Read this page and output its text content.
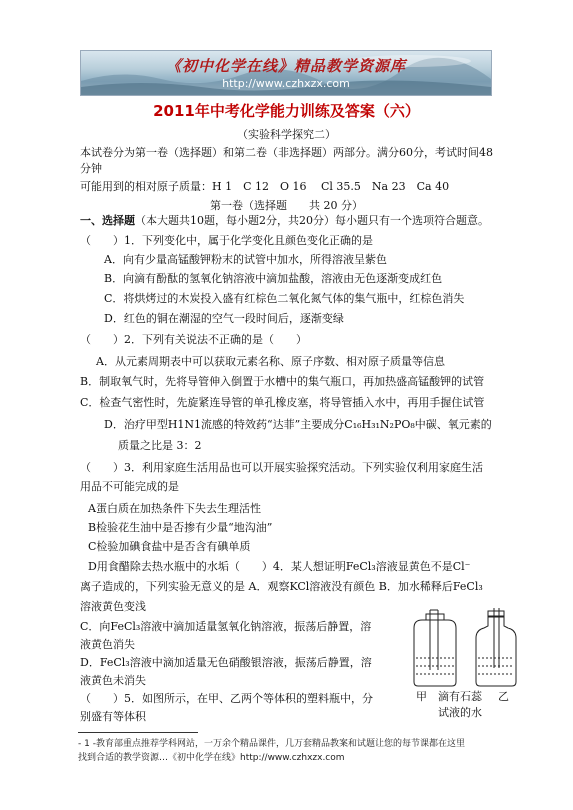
《初中化学在线》精品教学资源库
http://www.czhxzx.com
2011年中考化学能力训练及答案（六）
（实验科学探究二）
本试卷分为第一卷（选择题）和第二卷（非选择题）两部分。满分60分，考试时间48
分钟
可能用到的相对原子质量：H 1　C 12　O 16　 Cl 35.5　Na 23　Ca 40
第一卷（选择题　　共 20 分）
一、选择题（本大题共10题，每小题2分，共20分）每小题只有一个选项符合题意。
（　　）1．下列变化中，属于化学变化且颜色变化正确的是
A．向有少量高锰酸钾粉末的试管中加水，所得溶液呈紫色
B．向滴有酚酞的氢氧化钠溶液中滴加盐酸，溶液由无色逐渐变成红色
C．将烘烤过的木炭投入盛有红棕色二氧化氮气体的集气瓶中，红棕色消失
D．红色的铜在潮湿的空气一段时间后，逐渐变绿
（　　）2．下列有关说法不正确的是（　　）
A．从元素周期表中可以获取元素名称、原子序数、相对原子质量等信息
B．制取氧气时，先将导管伸入倒置于水槽中的集气瓶口，再加热盛高锰酸钾的试管
C．检查气密性时，先旋紧连导管的单孔橡皮塞，将导管插入水中，再用手握住试管
D．治疗甲型H1N1流感的特效药“达菲”主要成分C₁₆H₃₁N₂PO₈中碳、氧元素的
质量之比是 3：2
（　　）3．利用家庭生活用品也可以开展实验探究活动。下列实验仅利用家庭生活
用品不可能完成的是
A蛋白质在加热条件下失去生理活性
B检验花生油中是否掺有少量“地沟油”
C检验加碘食盐中是否含有碘单质
D用食醋除去热水瓶中的水垢（　　）4．某人想证明FeCl₃溶液显黄色不是Cl⁻
离子造成的，下列实验无意义的是 A．观察KCl溶液没有颜色 B．加水稀释后FeCl₃
溶液黄色变浅
C．向FeCl₃溶液中滴加适量氢氧化钠溶液，振荡后静置，溶
液黄色消失
D．FeCl₃溶液中滴加适量无色硝酸银溶液，振荡后静置，溶
液黄色未消失
（　　）5．如图所示，在甲、乙两个等体积的塑料瓶中，分
别盛有等体积
甲 滴有石蕊 乙
试液的水
- 1 -教育部重点推荐学科网站，一万余个精品课件，几万套精品教案和试题让您的每节课都在这里
找到合适的教学资源…《初中化学在线》http://www.czhxzx.com
